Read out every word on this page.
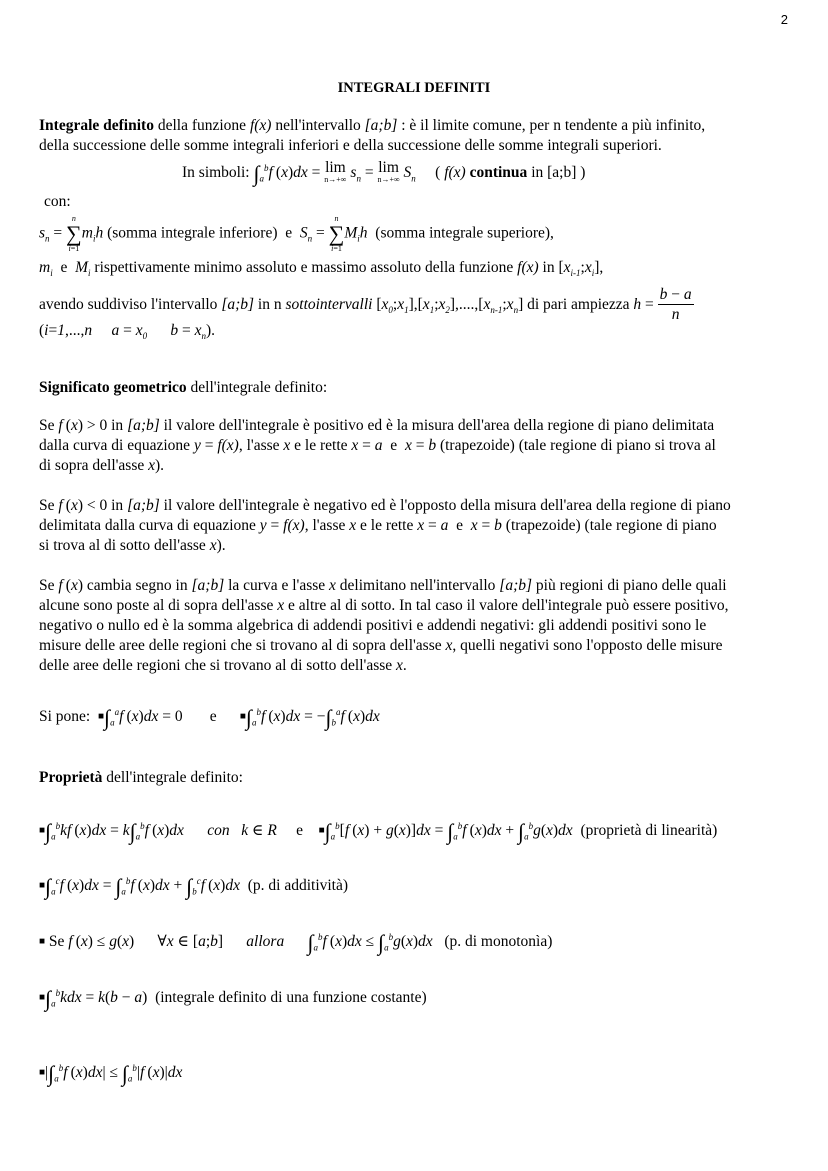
2
INTEGRALI DEFINITI
Integrale definito della funzione f(x) nell'intervallo [a;b] : è il limite comune, per n tendente a più infinito,
della successione delle somme integrali inferiori e della successione delle somme integrali superiori.
In simboli: $\int_a^bf$ (x)dx = lim
n→+∞ $s_n = \lim$
n→+∞ $S_n$ ( f(x) continua in [a;b] )
con:
$s_n$ =
n
∑
i=1
$m_ih$ (somma integrale inferiore) e $S_n$ =
n
∑
i=1
$M_ih$ (somma integrale superiore),
$m_i$  e  $M_i$ rispettivamente minimo assoluto e massimo assoluto della funzione f(x) in $[x_{i-1};x_i]$,
avendo suddiviso l'intervallo [a;b] in n sottointervalli $[x_0;x_1],[x_1;x_2],....,[x_{n-1};x_n]$ di pari ampiezza $h = \frac{b - a}{n}$
(i=1,...,n $a = x_0$ $b = x_n$).
Significato geometrico dell'integrale definito:
Se f (x) > 0 in [a;b] il valore dell'integrale è positivo ed è la misura dell'area della regione di piano delimitata
dalla curva di equazione y = f(x), l'asse x e le rette x = a  e  x = b (trapezoide) (tale regione di piano si trova al
di sopra dell'asse x).
Se f (x) < 0 in [a;b] il valore dell'integrale è negativo ed è l'opposto della misura dell'area della regione di piano
delimitata dalla curva di equazione y = f(x), l'asse x e le rette x = a  e  x = b (trapezoide) (tale regione di piano
si trova al di sotto dell'asse x).
Se f (x) cambia segno in [a;b] la curva e l'asse x delimitano nell'intervallo [a;b] più regioni di piano delle quali
alcune sono poste al di sopra dell'asse x e altre al di sotto. In tal caso il valore dell'integrale può essere positivo,
negativo o nullo ed è la somma algebrica di addendi positivi e addendi negativi: gli addendi positivi sono le
misure delle aree delle regioni che si trovano al di sopra dell'asse x, quelli negativi sono l'opposto delle misure
delle aree delle regioni che si trovano al di sotto dell'asse x.
Si pone: $■\int_a^af$ (x)dx = 0       e      $■\int_a^bf$ $(x)dx = -\int_b^af$ (x)dx
Proprietà dell'integrale definito:
$■\int_a^bkf$ $(x)dx = k\int_a^bf$ (x)dx con k ∈ R     e    $■\int_a^b[f$ $(x) + g(x)]dx = \int_a^bf$ $(x)dx + \int_a^bg(x)dx$ (proprietà di linearità)
$■\int_a^cf$ $(x)dx = \int_a^bf$ $(x)dx + \int_b^cf$ (x)dx (p. di additività)
■ Se f (x) ≤ g(x)      ∀x ∈ [a;b]      allora $\int_a^bf$ $(x)dx \le \int_a^bg(x)dx$ (p. di monotonìa)
$■\int_a^bkdx = k(b - a)$  (integrale definito di una funzione costante)
$■|\int_a^bf$ $(x)dx| \le \int_a^b|f$ (x)|dx
